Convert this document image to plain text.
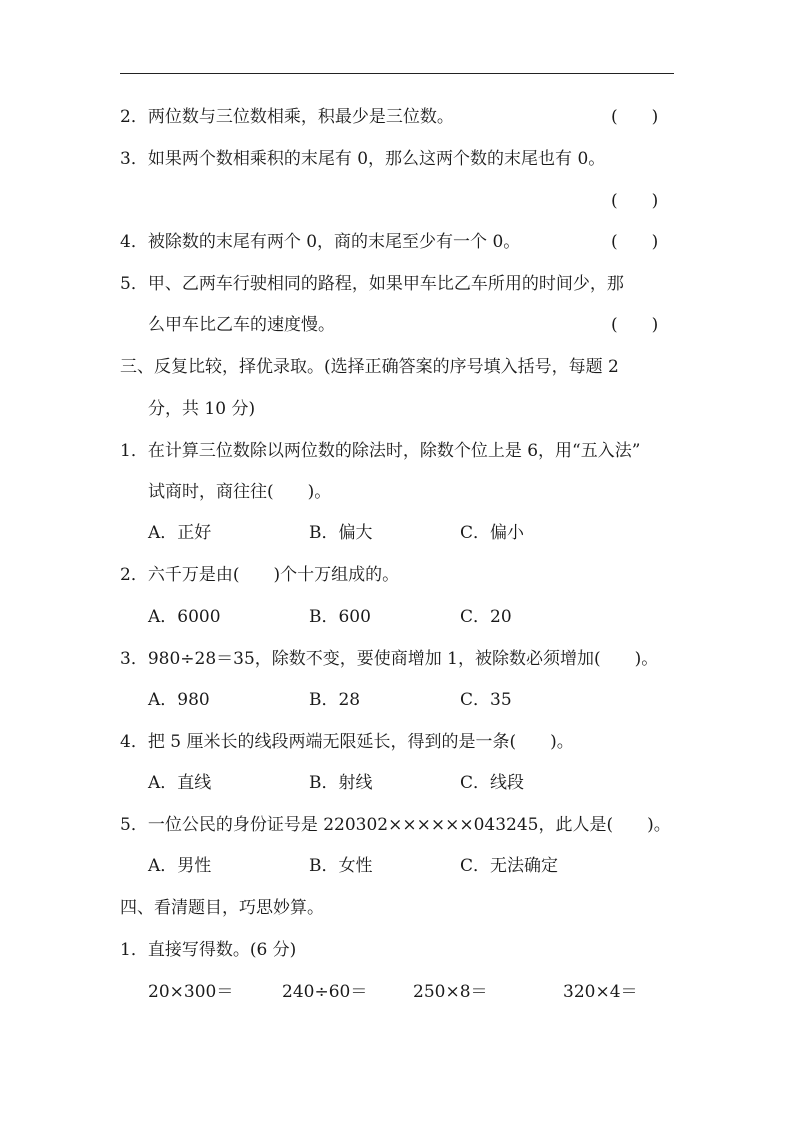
2．两位数与三位数相乘，积最少是三位数。	(　　)
3．如果两个数相乘积的末尾有 0，那么这两个数的末尾也有 0。
(　　)
4．被除数的末尾有两个 0，商的末尾至少有一个 0。	(　　)
5．甲、乙两车行驶相同的路程，如果甲车比乙车所用的时间少，那
么甲车比乙车的速度慢。	(　　)
三、反复比较，择优录取。(选择正确答案的序号填入括号，每题 2
分，共 10 分)
1．在计算三位数除以两位数的除法时，除数个位上是 6，用“五入法”
试商时，商往往(　　)。
A．正好	B．偏大	C．偏小
2．六千万是由(　　)个十万组成的。
A．6000	B．600	C．20
3．980÷28＝35，除数不变，要使商增加 1，被除数必须增加(　　)。
A．980	B．28	C．35
4．把 5 厘米长的线段两端无限延长，得到的是一条(　　)。
A．直线	B．射线	C．线段
5．一位公民的身份证号是 220302××××××043245，此人是(　　)。
A．男性	B．女性	C．无法确定
四、看清题目，巧思妙算。
1．直接写得数。(6 分)
20×300＝	240÷60＝	250×8＝	320×4＝
